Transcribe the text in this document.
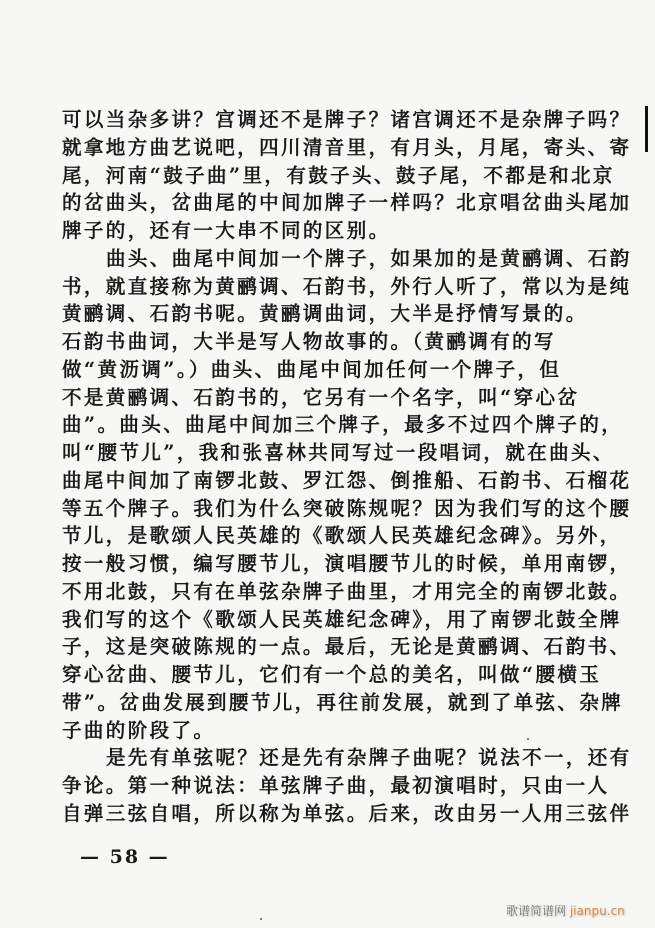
可以当杂多讲？宫调还不是牌子？诸宫调还不是杂牌子吗？
就拿地方曲艺说吧，四川清音里，有月头，月尾，寄头、寄
尾，河南“鼓子曲”里，有鼓子头、鼓子尾，不都是和北京
的岔曲头，岔曲尾的中间加牌子一样吗？北京唱岔曲头尾加
牌子的，还有一大串不同的区别。
曲头、曲尾中间加一个牌子，如果加的是黄鹂调、石韵
书，就直接称为黄鹂调、石韵书，外行人听了，常以为是纯
黄鹂调、石韵书呢。黄鹂调曲词，大半是抒情写景的。
石韵书曲词，大半是写人物故事的。（黄鹂调有的写
做“黄沥调”。）曲头、曲尾中间加任何一个牌子，但
不是黄鹂调、石韵书的，它另有一个名字，叫“穿心岔
曲”。曲头、曲尾中间加三个牌子，最多不过四个牌子的，
叫“腰节儿”，我和张喜林共同写过一段唱词，就在曲头、
曲尾中间加了南锣北鼓、罗江怨、倒推船、石韵书、石榴花
等五个牌子。我们为什么突破陈规呢？因为我们写的这个腰
节儿，是歌颂人民英雄的《歌颂人民英雄纪念碑》。另外，
按一般习惯，编写腰节儿，演唱腰节儿的时候，单用南锣，
不用北鼓，只有在单弦杂牌子曲里，才用完全的南锣北鼓。
我们写的这个《歌颂人民英雄纪念碑》，用了南锣北鼓全牌
子，这是突破陈规的一点。最后，无论是黄鹂调、石韵书、
穿心岔曲、腰节儿，它们有一个总的美名，叫做“腰横玉
带”。岔曲发展到腰节儿，再往前发展，就到了单弦、杂牌
子曲的阶段了。
是先有单弦呢？还是先有杂牌子曲呢？说法不一，还有
争论。第一种说法：单弦牌子曲，最初演唱时，只由一人
自弹三弦自唱，所以称为单弦。后来，改由另一人用三弦伴
— 58 —
歌谱简谱网 jianpu.cn
